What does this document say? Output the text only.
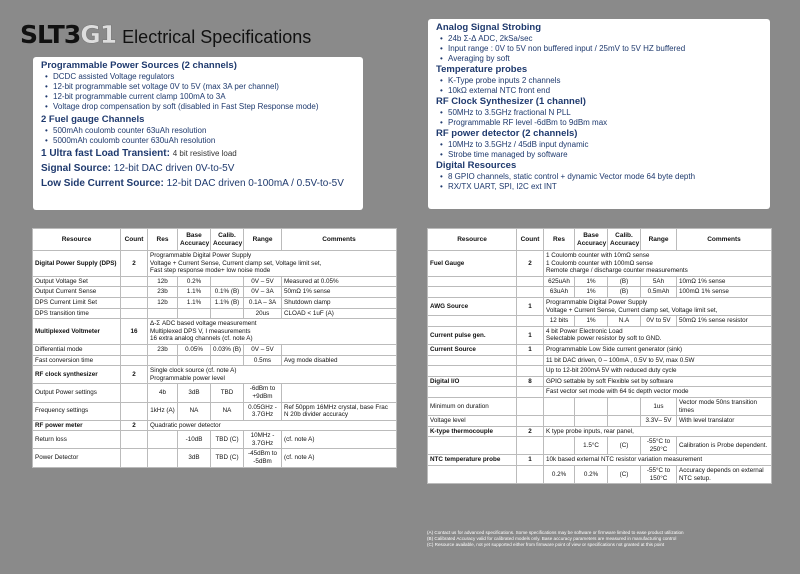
SLT3 G1 Electrical Specifications
Programmable Power Sources (2 channels)
• DCDC assisted Voltage regulators
• 12-bit programmable set voltage 0V to 5V (max 3A per channel)
• 12-bit programmable current clamp 100mA to 3A
• Voltage drop compensation by soft (disabled in Fast Step Response mode)
2 Fuel gauge Channels
• 500mAh coulomb counter 63uAh resolution
• 5000mAh coulomb counter 630uAh resolution
1 Ultra fast Load Transient: 4 bit resistive load
Signal Source: 12-bit DAC driven 0V-to-5V
Low Side Current Source: 12-bit DAC driven 0-100mA / 0.5V-to-5V
Analog Signal Strobing
• 24b Σ-Δ ADC, 2kSa/sec
• Input range : 0V to 5V non buffered input / 25mV to 5V HZ buffered
• Averaging by soft
Temperature probes
• K-Type probe inputs 2 channels
• 10kΩ external NTC front end
RF Clock Synthesizer (1 channel)
• 50MHz to 3.5GHz fractional N PLL
• Programmable RF level -6dBm to 9dBm max
RF power detector (2 channels)
• 10MHz to 3.5GHz / 45dB input dynamic
• Strobe time managed by software
Digital Resources
• 8 GPIO channels, static control + dynamic Vector mode 64 byte depth
• RX/TX UART, SPI, I2C ext INT
Resource	Count	Res	Base Accuracy	Calib. Accuracy	Range	Comments
Digital Power Supply (DPS)	2	Programmable Digital Power Supply
Voltage + Current Sense, Current clamp set, Voltage limit set,
Fast step response mode+ low noise mode				
Output Voltage Set		12b	0.2%		0V – 5V	Measured at 0.05%
Output Current Sense		23b	1.1%	0.1% (B)	0V – 3A	50mΩ 1% sense
DPS Current Limit Set		12b	1.1%	1.1% (B)	0.1A – 3A	Shutdown clamp
DPS transition time					20us	CLOAD < 1uF (A)
Multiplexed Voltmeter	16	Δ-Σ ADC based voltage measurement
Multiplexed DPS V, I measurements
16 extra analog channels (cf. note A)				
Differential mode		23b	0.05%	0.03% (B)	0V – 5V	
Fast conversion time					0.5ms	Avg mode disabled
RF clock synthesizer	2	Single clock source (cf. note A)
Programmable power level				
Output Power settings		4b	3dB	TBD	-6dBm to +9dBm	
Frequency settings		1kHz (A)	NA	NA	0.05GHz - 3.7GHz	Ref 50ppm 16MHz crystal, base Frac N 20b divider accuracy
RF power meter	2	Quadratic power detector				
Return loss			-10dB	TBD (C)	10MHz - 3.7GHz	(cf. note A)
Power Detector			3dB	TBD (C)	-45dBm to -5dBm	(cf. note A)
Resource	Count	Res	Base Accuracy	Calib. Accuracy	Range	Comments
Fuel Gauge	2	1 Coulomb counter with 10mΩ sense
1 Coulomb counter with 100mΩ sense
Remote charge / discharge counter measurements				
		625uAh	1%	(B)	5Ah	10mΩ 1% sense
		63uAh	1%	(B)	0.5mAh	100mΩ 1% sense
AWG Source	1	Programmable Digital Power Supply
Voltage + Current Sense, Current clamp set, Voltage limit set,				
		12 bits	1%	N.A	0V to 5V	50mΩ 1% sense resistor
Current pulse gen.	1	4 bit Power Electronic Load
Selectable power resistor by soft to GND.				
Current Source	1	Programmable Low Side current generator (sink)				
		11 bit DAC driven, 0 – 100mA , 0.5V to 5V, max 0.5W				
		Up to 12-bit 200mA 5V with reduced duty cycle				
Digital I/O	8	GPIO settable by soft Flexible set by software				
		Fast vector set mode with 64 tic depth vector mode				
Minimum on duration					1us	Vector mode 50ns transition times
Voltage level					3.3V– 5V	With level translator
K-type thermocouple	2	K type probe inputs, rear panel,				
			1.5°C	(C)	-55°C to 250°C	Calibration is Probe dependent.
NTC temperature probe	1	10k based external NTC resistor variation measurement				
		0.2%	0.2%	(C)	-55°C to 150°C	Accuracy depends on external NTC setup.
(A) Contact us for advanced specifications. Some specifications may be software or firmware limited to ease product utilization
(B) Calibrated Accuracy valid for calibrated models only. Base accuracy parameters are measured in manufacturing control
(C) Resource available, not yet supported either from firmware point of view or specifications not granted at this point
